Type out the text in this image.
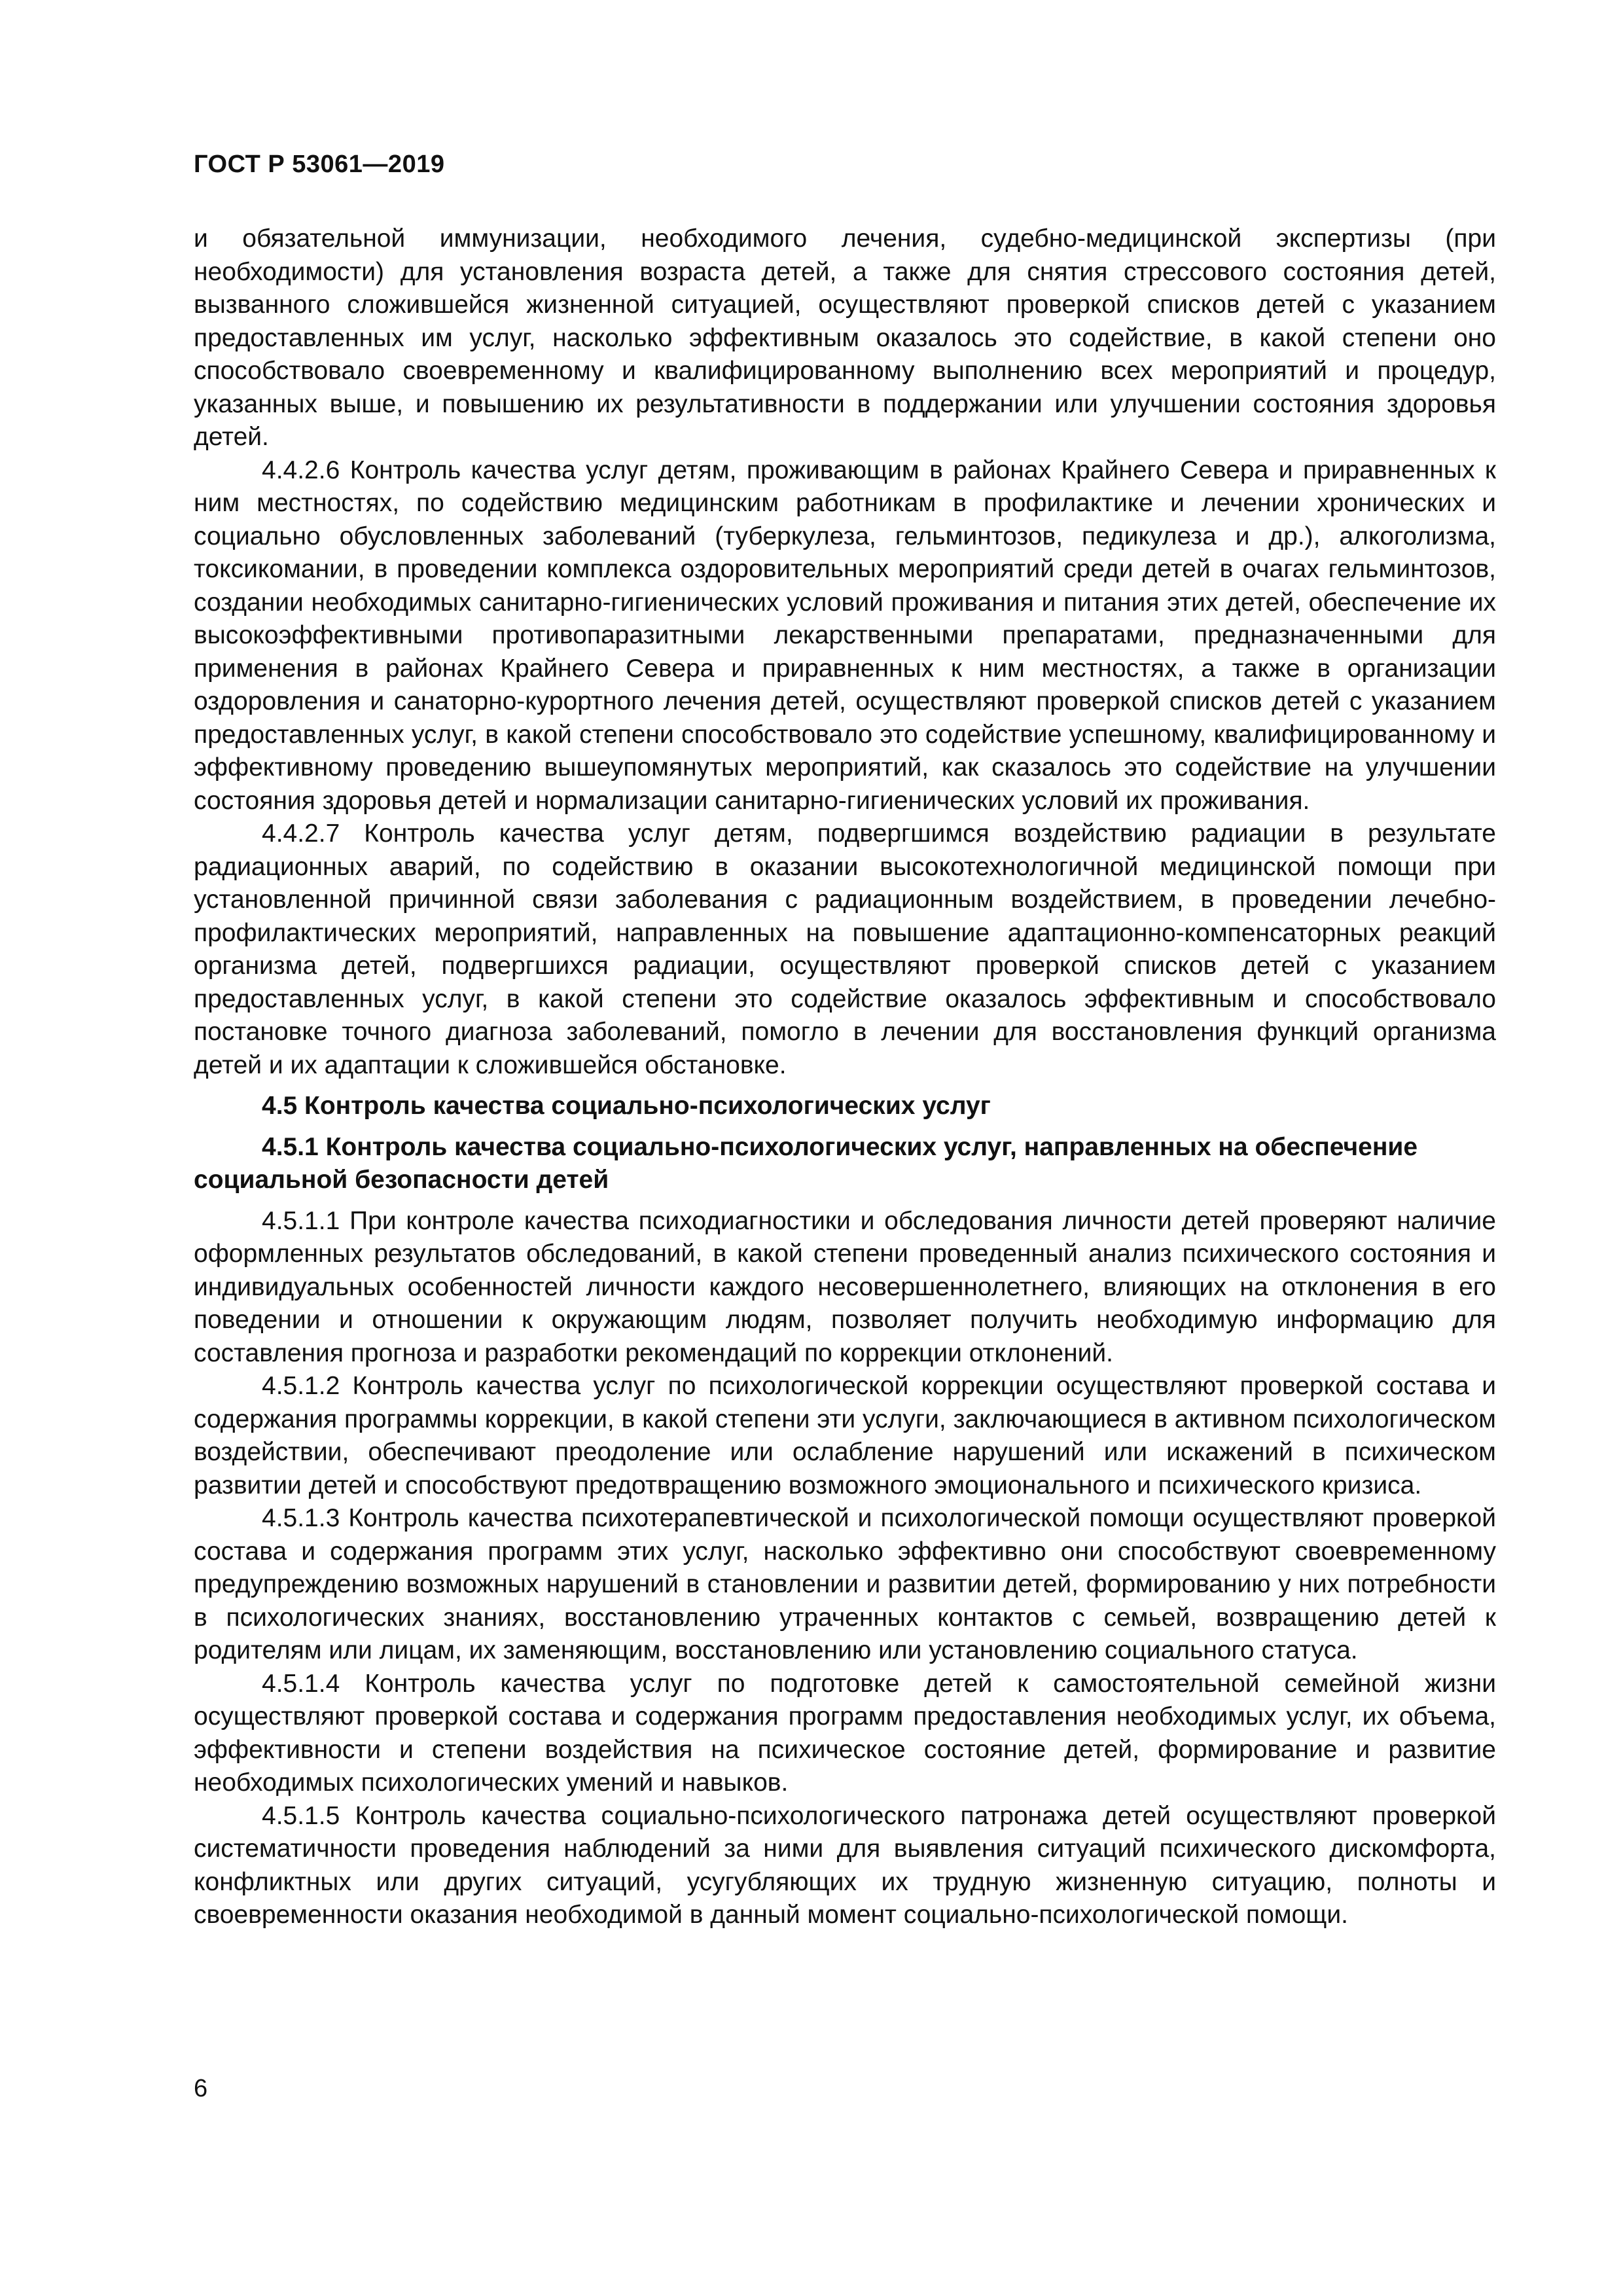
ГОСТ Р 53061—2019

и обязательной иммунизации, необходимого лечения, судебно-медицинской экспертизы (при необходимости) для установления возраста детей, а также для снятия стрессового состояния детей, вызванного сложившейся жизненной ситуацией, осуществляют проверкой списков детей с указанием предоставленных им услуг, насколько эффективным оказалось это содействие, в какой степени оно способствовало своевременному и квалифицированному выполнению всех мероприятий и процедур, указанных выше, и повышению их результативности в поддержании или улучшении состояния здоровья детей.

4.4.2.6 Контроль качества услуг детям, проживающим в районах Крайнего Севера и приравненных к ним местностях, по содействию медицинским работникам в профилактике и лечении хронических и социально обусловленных заболеваний (туберкулеза, гельминтозов, педикулеза и др.), алкоголизма, токсикомании, в проведении комплекса оздоровительных мероприятий среди детей в очагах гельминтозов, создании необходимых санитарно-гигиенических условий проживания и питания этих детей, обеспечение их высокоэффективными противопаразитными лекарственными препаратами, предназначенными для применения в районах Крайнего Севера и приравненных к ним местностях, а также в организации оздоровления и санаторно-курортного лечения детей, осуществляют проверкой списков детей с указанием предоставленных услуг, в какой степени способствовало это содействие успешному, квалифицированному и эффективному проведению вышеупомянутых мероприятий, как сказалось это содействие на улучшении состояния здоровья детей и нормализации санитарно-гигиенических условий их проживания.

4.4.2.7 Контроль качества услуг детям, подвергшимся воздействию радиации в результате радиационных аварий, по содействию в оказании высокотехнологичной медицинской помощи при установленной причинной связи заболевания с радиационным воздействием, в проведении лечебно-профилактических мероприятий, направленных на повышение адаптационно-компенсаторных реакций организма детей, подвергшихся радиации, осуществляют проверкой списков детей с указанием предоставленных услуг, в какой степени это содействие оказалось эффективным и способствовало постановке точного диагноза заболеваний, помогло в лечении для восстановления функций организма детей и их адаптации к сложившейся обстановке.

4.5 Контроль качества социально-психологических услуг

4.5.1 Контроль качества социально-психологических услуг, направленных на обеспечение социальной безопасности детей

4.5.1.1 При контроле качества психодиагностики и обследования личности детей проверяют наличие оформленных результатов обследований, в какой степени проведенный анализ психического состояния и индивидуальных особенностей личности каждого несовершеннолетнего, влияющих на отклонения в его поведении и отношении к окружающим людям, позволяет получить необходимую информацию для составления прогноза и разработки рекомендаций по коррекции отклонений.

4.5.1.2 Контроль качества услуг по психологической коррекции осуществляют проверкой состава и содержания программы коррекции, в какой степени эти услуги, заключающиеся в активном психологическом воздействии, обеспечивают преодоление или ослабление нарушений или искажений в психическом развитии детей и способствуют предотвращению возможного эмоционального и психического кризиса.

4.5.1.3 Контроль качества психотерапевтической и психологической помощи осуществляют проверкой состава и содержания программ этих услуг, насколько эффективно они способствуют своевременному предупреждению возможных нарушений в становлении и развитии детей, формированию у них потребности в психологических знаниях, восстановлению утраченных контактов с семьей, возвращению детей к родителям или лицам, их заменяющим, восстановлению или установлению социального статуса.

4.5.1.4 Контроль качества услуг по подготовке детей к самостоятельной семейной жизни осуществляют проверкой состава и содержания программ предоставления необходимых услуг, их объема, эффективности и степени воздействия на психическое состояние детей, формирование и развитие необходимых психологических умений и навыков.

4.5.1.5 Контроль качества социально-психологического патронажа детей осуществляют проверкой систематичности проведения наблюдений за ними для выявления ситуаций психического дискомфорта, конфликтных или других ситуаций, усугубляющих их трудную жизненную ситуацию, полноты и своевременности оказания необходимой в данный момент социально-психологической помощи.

6
